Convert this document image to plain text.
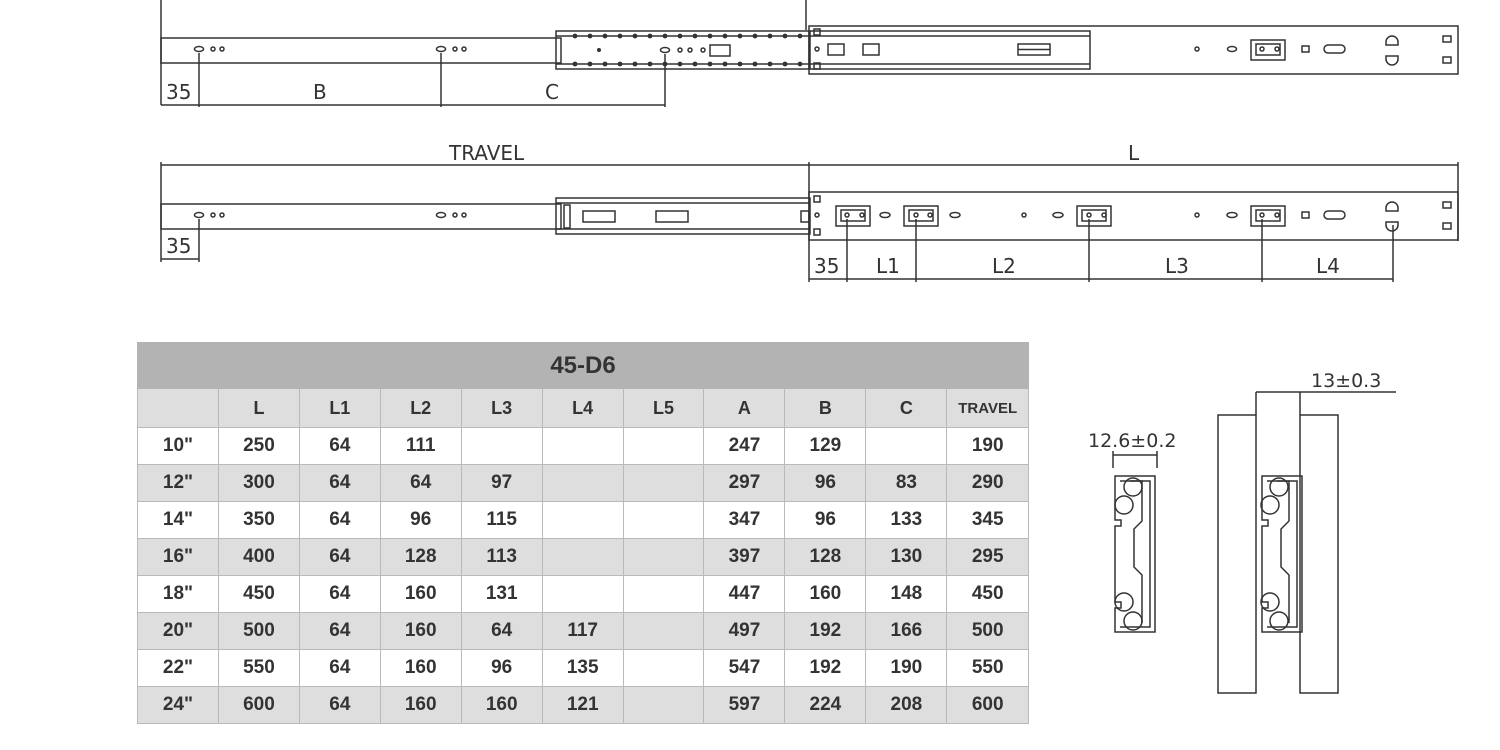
35	B	C
TRAVEL	L
35
35 L1	L2	L3	L4
12.6±0.2
13±0.3
45-D6										
	L	L1	L2	L3	L4	L5	A	B	C	TRAVEL
10"	250	64	111				247	129		190
12"	300	64	64	97			297	96	83	290
14"	350	64	96	115			347	96	133	345
16"	400	64	128	113			397	128	130	295
18"	450	64	160	131			447	160	148	450
20"	500	64	160	64	117		497	192	166	500
22"	550	64	160	96	135		547	192	190	550
24"	600	64	160	160	121		597	224	208	600
